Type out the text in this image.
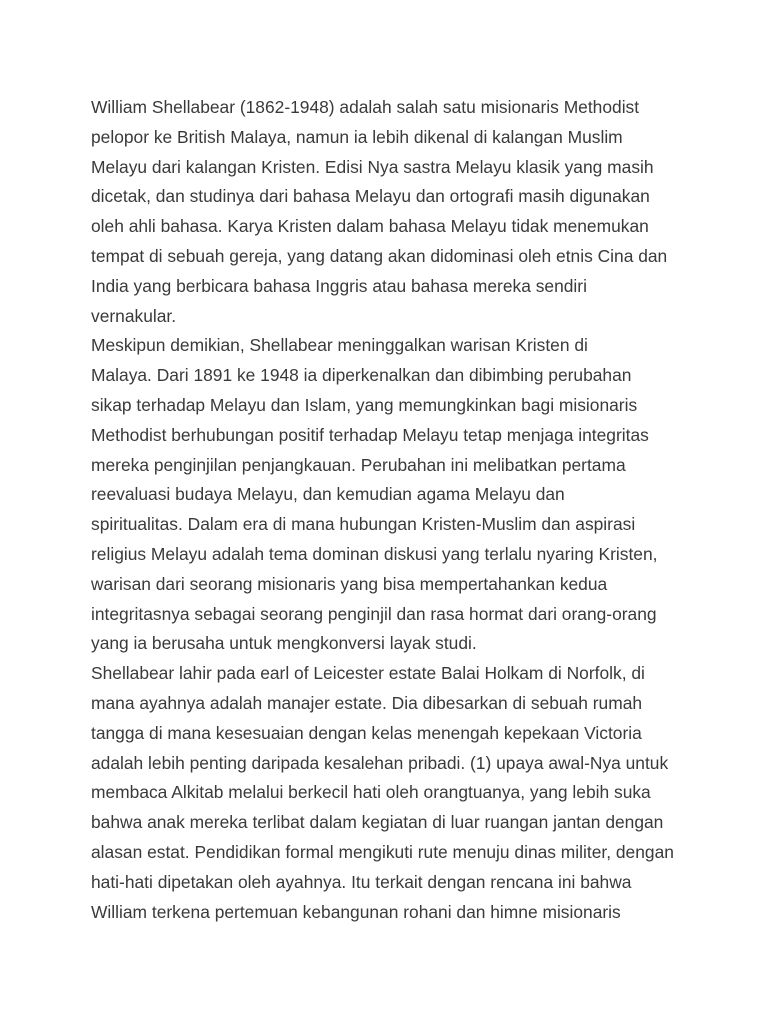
William Shellabear (1862-1948) adalah salah satu misionaris Methodist
pelopor ke British Malaya, namun ia lebih dikenal di kalangan Muslim
Melayu dari kalangan Kristen. Edisi Nya sastra Melayu klasik yang masih
dicetak, dan studinya dari bahasa Melayu dan ortografi masih digunakan
oleh ahli bahasa. Karya Kristen dalam bahasa Melayu tidak menemukan
tempat di sebuah gereja, yang datang akan didominasi oleh etnis Cina dan
India yang berbicara bahasa Inggris atau bahasa mereka sendiri
vernakular.
Meskipun demikian, Shellabear meninggalkan warisan Kristen di
Malaya. Dari 1891 ke 1948 ia diperkenalkan dan dibimbing perubahan
sikap terhadap Melayu dan Islam, yang memungkinkan bagi misionaris
Methodist berhubungan positif terhadap Melayu tetap menjaga integritas
mereka penginjilan penjangkauan. Perubahan ini melibatkan pertama
reevaluasi budaya Melayu, dan kemudian agama Melayu dan
spiritualitas. Dalam era di mana hubungan Kristen-Muslim dan aspirasi
religius Melayu adalah tema dominan diskusi yang terlalu nyaring Kristen,
warisan dari seorang misionaris yang bisa mempertahankan kedua
integritasnya sebagai seorang penginjil dan rasa hormat dari orang-orang
yang ia berusaha untuk mengkonversi layak studi.
Shellabear lahir pada earl of Leicester estate Balai Holkam di Norfolk, di
mana ayahnya adalah manajer estate. Dia dibesarkan di sebuah rumah
tangga di mana kesesuaian dengan kelas menengah kepekaan Victoria
adalah lebih penting daripada kesalehan pribadi. (1) upaya awal-Nya untuk
membaca Alkitab melalui berkecil hati oleh orangtuanya, yang lebih suka
bahwa anak mereka terlibat dalam kegiatan di luar ruangan jantan dengan
alasan estat. Pendidikan formal mengikuti rute menuju dinas militer, dengan
hati-hati dipetakan oleh ayahnya. Itu terkait dengan rencana ini bahwa
William terkena pertemuan kebangunan rohani dan himne misionaris
